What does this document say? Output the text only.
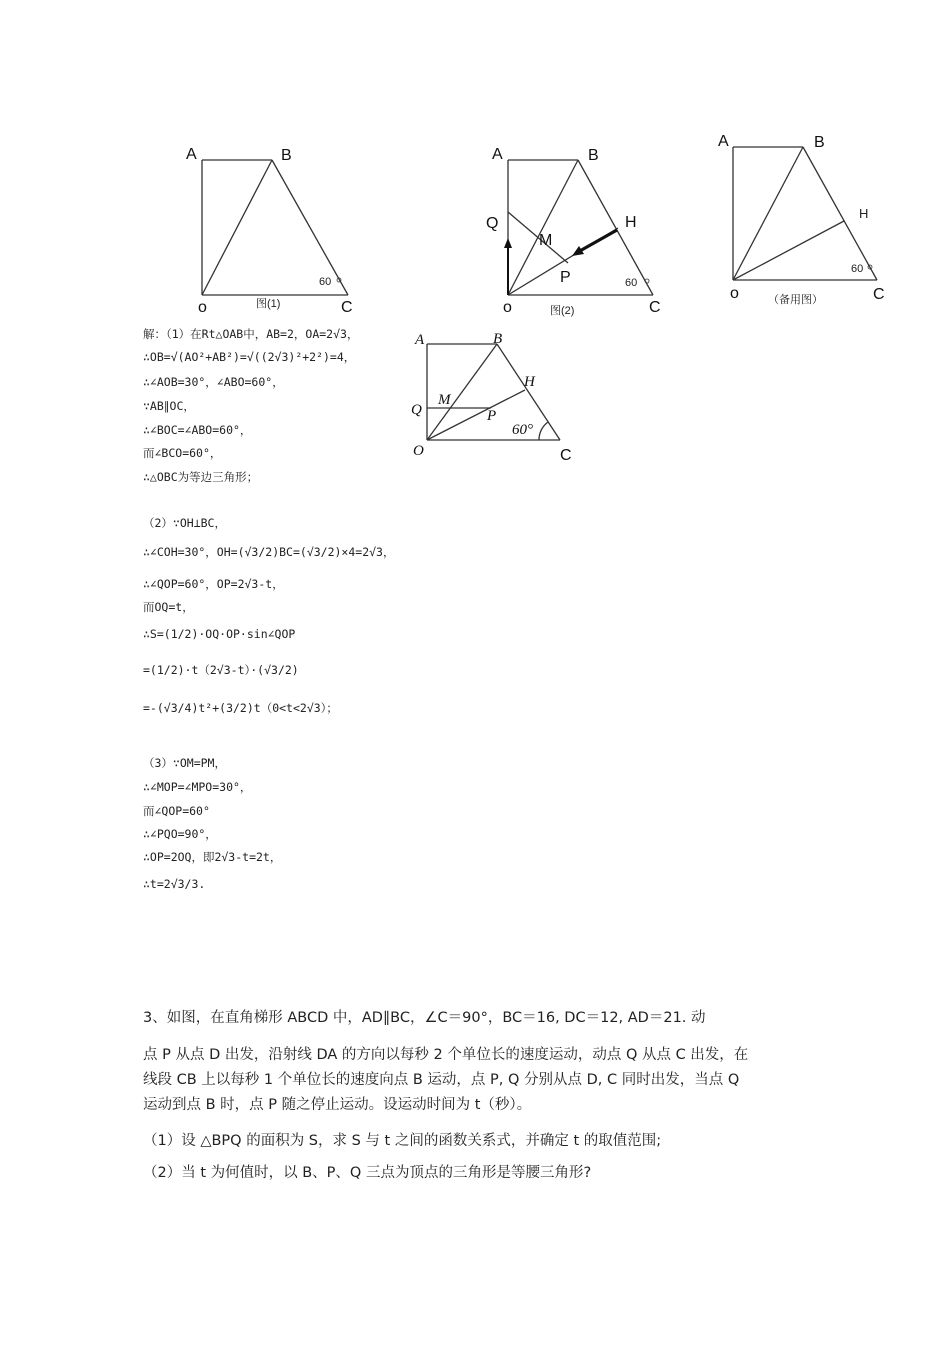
A	B
o	C
60
图(1)
A	B
Q
M
H
P
o	C
60
图(2)
A	B
H
o	C
60
（备用图）
A	B
H
M
Q	P
60°
O	C
解：（1）在Rt△OAB中，AB=2，OA=2√3，
∴OB=√(AO²+AB²)=√((2√3)²+2²)=4，
∴∠AOB=30°，∠ABO=60°，
∵AB∥OC，
∴∠BOC=∠ABO=60°，
而∠BCO=60°，
∴△OBC为等边三角形；
（2）∵OH⊥BC，
∴∠COH=30°，OH=(√3/2)BC=(√3/2)×4=2√3，
∴∠QOP=60°，OP=2√3-t，
而OQ=t，
∴S=(1/2)·OQ·OP·sin∠QOP
=(1/2)·t（2√3-t）·(√3/2)
=-(√3/4)t²+(3/2)t（0<t<2√3）；
（3）∵OM=PM，
∴∠MOP=∠MPO=30°，
而∠QOP=60°
∴∠PQO=90°，
∴OP=2OQ，即2√3-t=2t，
∴t=2√3/3.
3、如图，在直角梯形 ABCD 中，AD∥BC，∠C＝90°，BC＝16, DC＝12, AD＝21. 动
点 P 从点 D 出发，沿射线 DA 的方向以每秒 2 个单位长的速度运动，动点 Q 从点 C 出发，在
线段 CB 上以每秒 1 个单位长的速度向点 B 运动，点 P, Q 分别从点 D, C 同时出发，当点 Q
运动到点 B 时，点 P 随之停止运动。设运动时间为 t（秒）。
（1）设 △BPQ 的面积为 S，求 S 与 t 之间的函数关系式，并确定 t 的取值范围;
（2）当 t 为何值时，以 B、P、Q 三点为顶点的三角形是等腰三角形?
